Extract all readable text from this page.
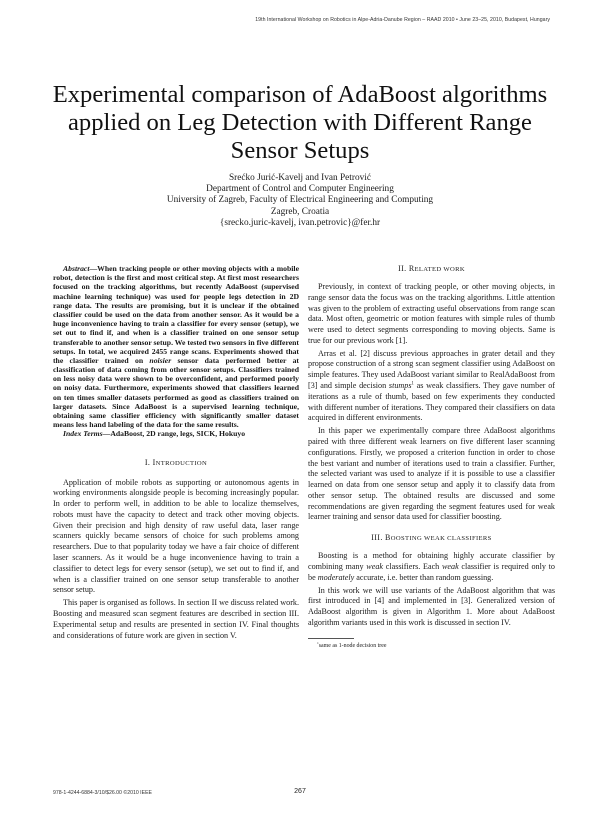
19th International Workshop on Robotics in Alpe-Adria-Danube Region – RAAD 2010 • June 23–25, 2010, Budapest, Hungary
Experimental comparison of AdaBoost algorithms
applied on Leg Detection with Different Range
Sensor Setups
Srećko Jurić-Kavelj and Ivan Petrović
Department of Control and Computer Engineering
University of Zagreb, Faculty of Electrical Engineering and Computing
Zagreb, Croatia
{srecko.juric-kavelj, ivan.petrovic}@fer.hr

Abstract—When tracking people or other moving objects with a mobile robot, detection is the first and most critical step. At first most researchers focused on the tracking algorithms, but recently AdaBoost (supervised machine learning technique) was used for people legs detection in 2D range data. The results are promising, but it is unclear if the obtained classifier could be used on the data from another sensor. As it would be a huge inconvenience having to train a classifier for every sensor (setup), we set out to find if, and when is a classifier trained on one sensor setup transferable to another sensor setup. We tested two sensors in five different setups. In total, we acquired 2455 range scans. Experiments showed that the classifier trained on noisier sensor data performed better at classification of data coming from other sensor setups. Classifiers trained on less noisy data were shown to be overconfident, and performed poorly on noisy data. Furthermore, experiments showed that classifiers learned on ten times smaller datasets performed as good as classifiers trained on larger datasets. Since AdaBoost is a supervised learning technique, obtaining same classifier efficiency with significantly smaller dataset means less hand labeling of the data for the same results.

Index Terms—AdaBoost, 2D range, legs, SICK, Hokuyo

I. INTRODUCTION

Application of mobile robots as supporting or autonomous agents in working environments alongside people is becoming increasingly popular. In order to perform well, in addition to be able to localize themselves, robots must have the capacity to detect and track other moving objects. Given their precision and high density of raw useful data, laser range scanners quickly became sensors of choice for such problems among researchers. Due to that popularity today we have a fair choice of different laser scanners. As it would be a huge inconvenience having to train a classifier to detect legs for every sensor (setup), we set out to find if, and when is a classifier trained on one sensor setup transferable to another sensor setup.

This paper is organised as follows. In section II we discuss related work. Boosting and measured scan segment features are described in section III. Experimental setup and results are presented in section IV. Final thoughts and considerations of future work are given in section V.

II. RELATED WORK

Previously, in context of tracking people, or other moving objects, in range sensor data the focus was on the tracking algorithms. Little attention was given to the problem of extracting useful observations from range scan data. Most often, geometric or motion features with simple rules of thumb were used to detect segments corresponding to moving objects. Same is true for our previous work [1].

Arras et al. [2] discuss previous approaches in grater detail and they propose construction of a strong scan segment classifier using AdaBoost on simple features. They used AdaBoost variant similar to RealAdaBoost from [3] and simple decision stumps$^1$ as weak classifiers. They gave number of iterations as a rule of thumb, based on few experiments they conducted with different number of iterations. They compared their classifiers on data acquired in different environments.

In this paper we experimentally compare three AdaBoost algorithms paired with three different weak learners on five different laser scanning configurations. Firstly, we proposed a criterion function in order to chose the best variant and number of iterations used to train a classifier. Further, the selected variant was used to analyze if it is possible to use a classifier learned on data from one sensor setup and apply it to classify data from other sensor setup. The obtained results are discussed and some recommendations are given regarding the segment features used for weak learner training and sensor data used for classifier boosting.

III. BOOSTING WEAK CLASSIFIERS

Boosting is a method for obtaining highly accurate classifier by combining many weak classifiers. Each weak classifier is required only to be moderately accurate, i.e. better than random guessing.

In this work we will use variants of the AdaBoost algorithm that was first introduced in [4] and implemented in [3]. Generalized version of AdaBoost algorithm is given in Algorithm 1. More about AdaBoost algorithm variants used in this work is discussed in section IV.

$^1$same as 1-node decision tree
978-1-4244-6884-3/10/$26.00 ©2010 IEEE	267
